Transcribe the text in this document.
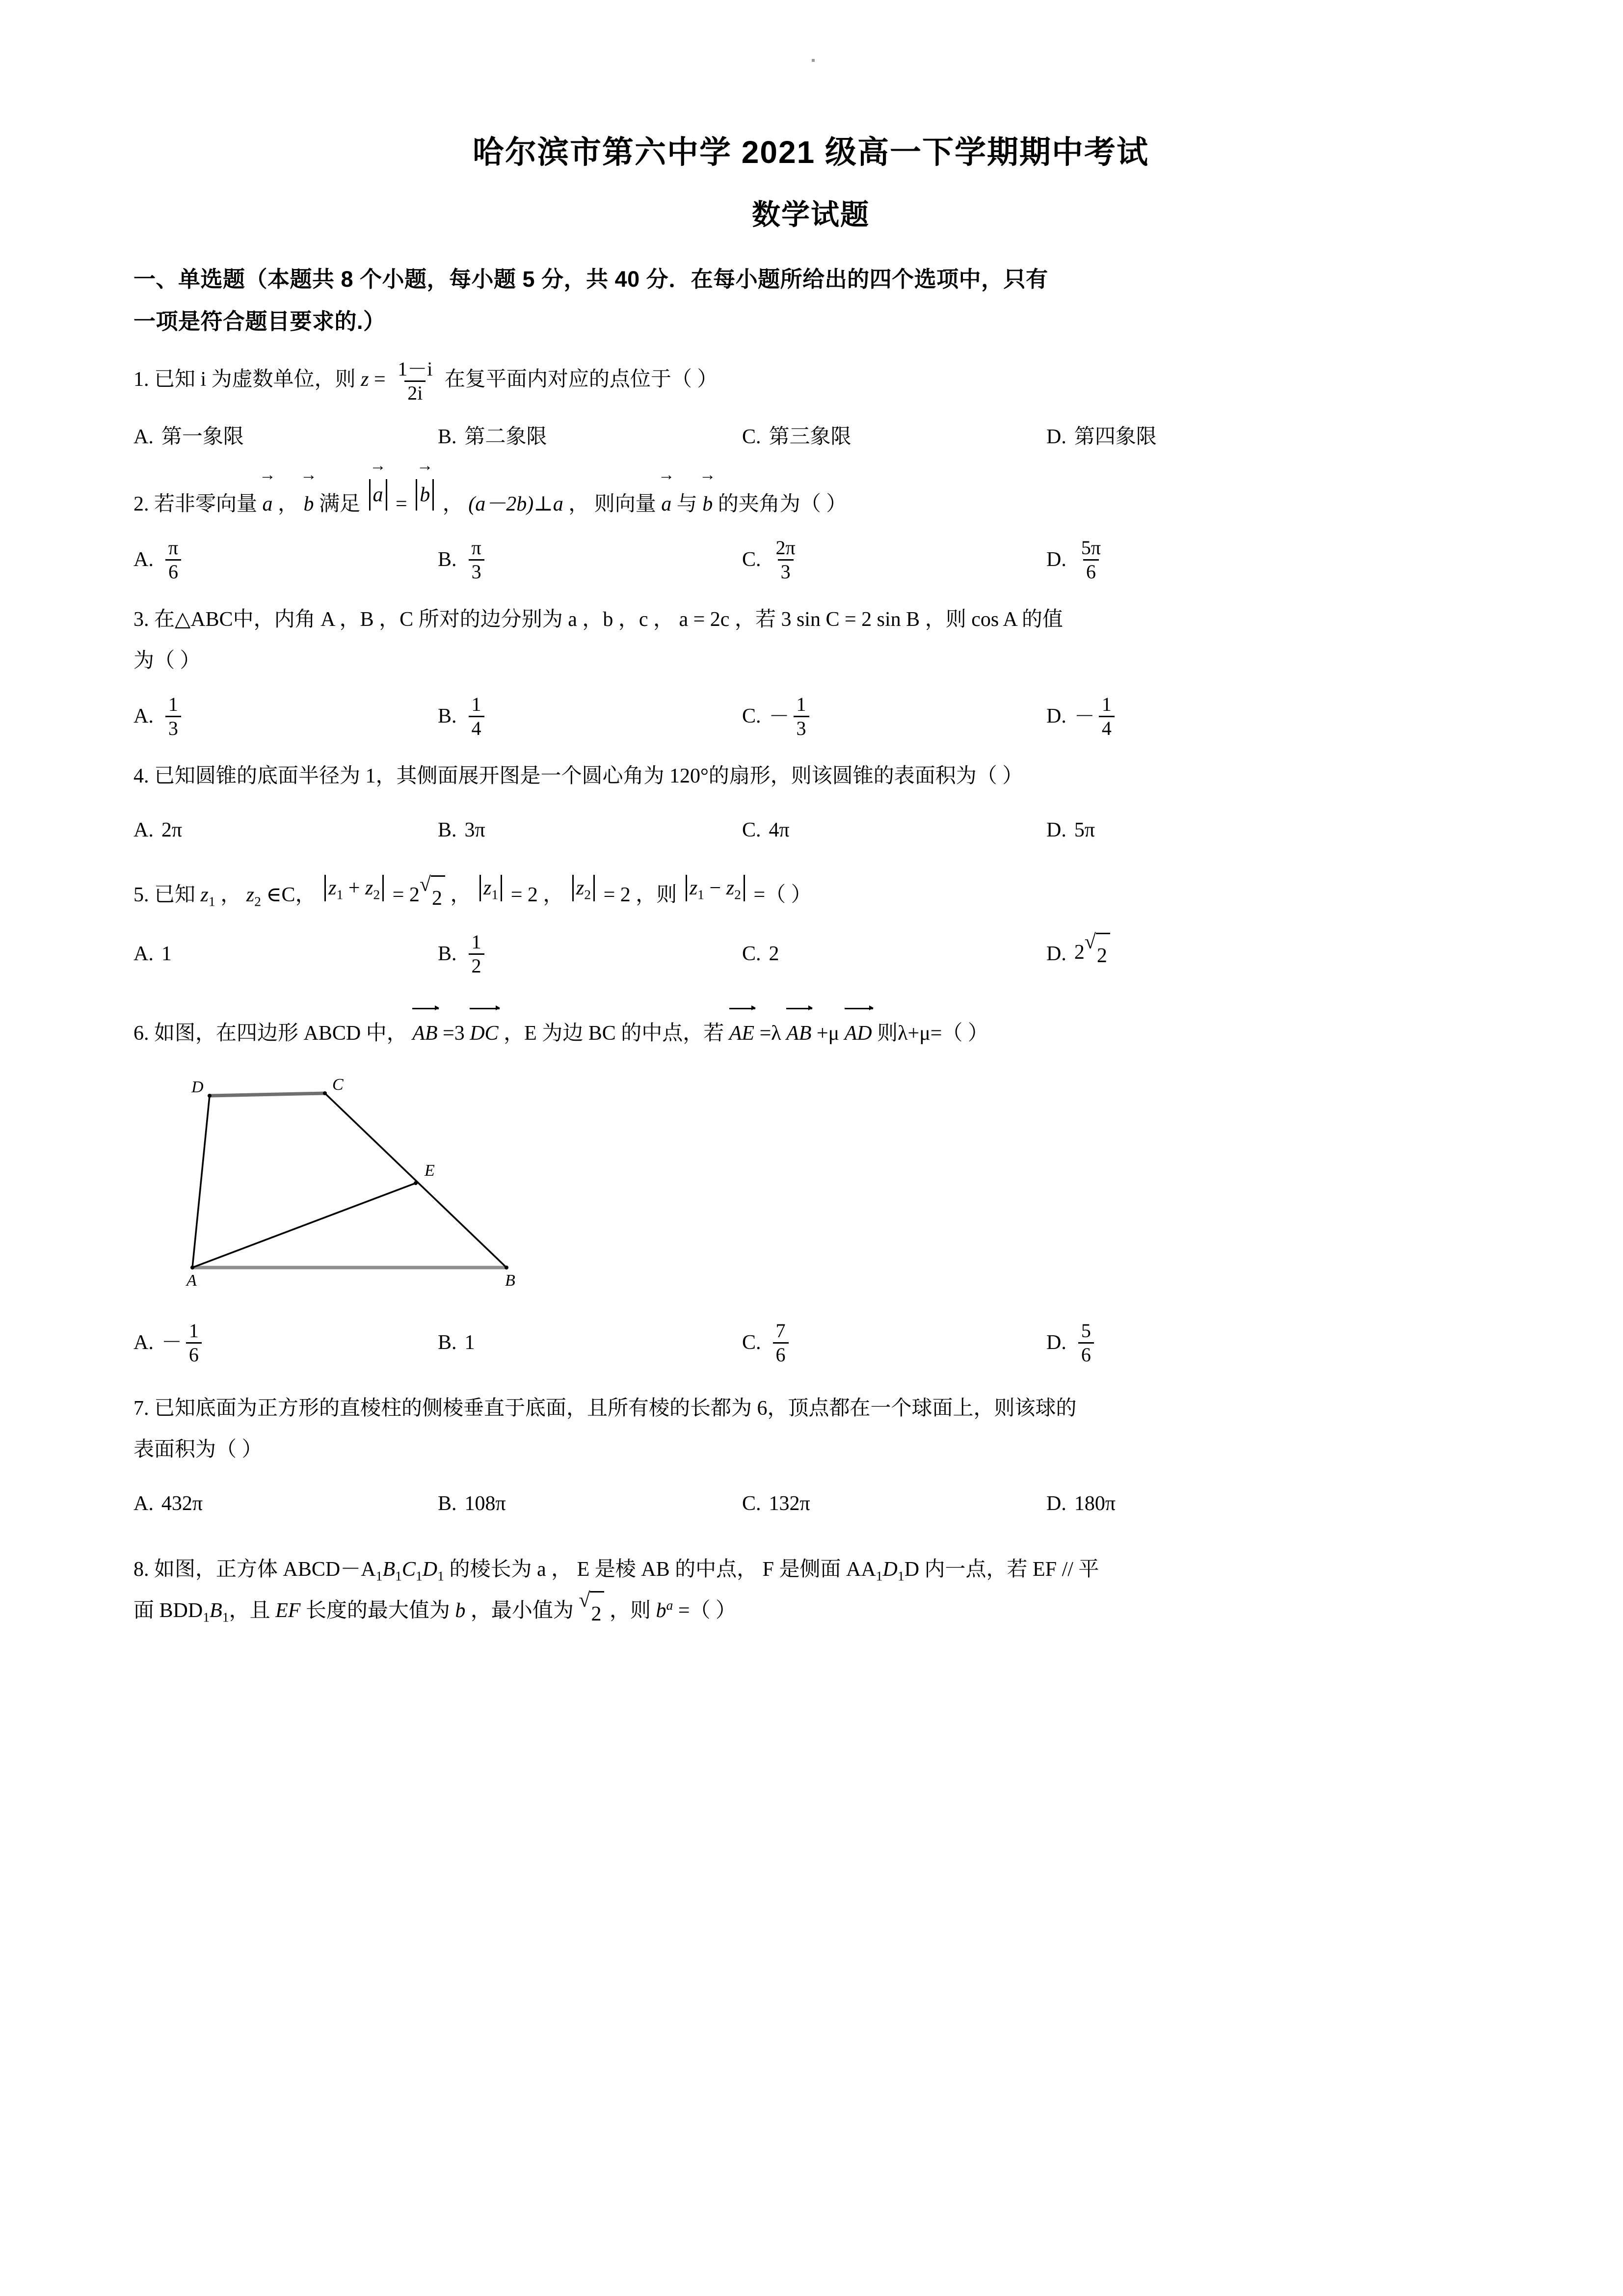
哈尔滨市第六中学 2021 级高一下学期期中考试
数学试题
一、单选题（本题共 8 个小题，每小题 5 分，共 40 分．在每小题所给出的四个选项中，只有
一项是符合题目要求的.）
1. 已知 i 为虚数单位，则 $z = \frac{1-i}{2i}$ 在复平面内对应的点位于（ ）
A. 第一象限	B. 第二象限	C. 第三象限	D. 第四象限
2. 若非零向量 a → ， b → 满足 a → = b → ， (a－2b)⊥a ， 则向量 a → 与 b → 的夹角为（ ）
A. $\frac{\pi}{6}$	B. $\frac{\pi}{3}$	C. $\frac{2\pi}{3}$	D. $\frac{5\pi}{6}$
3. 在△ABC中，内角 A ，B ，C 所对的边分别为 a ，b ，c ， a = 2c ，若 3 sin C = 2 sin B ，则 cos A 的值
为（ ）
A. $\frac{1}{3}$	B. $\frac{1}{4}$	C. － $\frac{1}{3}$	D. － $\frac{1}{4}$
4. 已知圆锥的底面半径为 1，其侧面展开图是一个圆心角为 120°的扇形，则该圆锥的表面积为（ ）
A. 2π	B. 3π	C. 4π	D. 5π
5. 已知 $z_1$ ， $z_2$ ∈C， $z_1 + z_2 = 2$ √
2 ， $z_1 = 2$ ， $z_2 = 2$ ，则 $z_1 - z_2$ =（ ）
A. 1	B. $\frac{1}{2}$	C. 2	D. 2 √
2
6. 如图，在四边形 ABCD 中， AB =3 DC ，E 为边 BC 的中点，若 AE =λ AB +μ AD 则λ+μ=（ ）
D	C
E
A	B
A. － $\frac{1}{6}$	B. 1	C. $\frac{7}{6}$	D. $\frac{5}{6}$
7. 已知底面为正方形的直棱柱的侧棱垂直于底面，且所有棱的长都为 6，顶点都在一个球面上，则该球的
表面积为（ ）
A. 432π	B. 108π	C. 132π	D. 180π
8. 如图，正方体 $ABCD-A_1B_1C_1D_1$ 的棱长为 a ， E 是棱 AB 的中点， F 是侧面 $AA_1D_1D$ 内一点，若 EF // 平
面 $BDD_1B_1$，且 EF 长度的最大值为 b ，最小值为 √
2 ，则 $b^a$ =（ ）
